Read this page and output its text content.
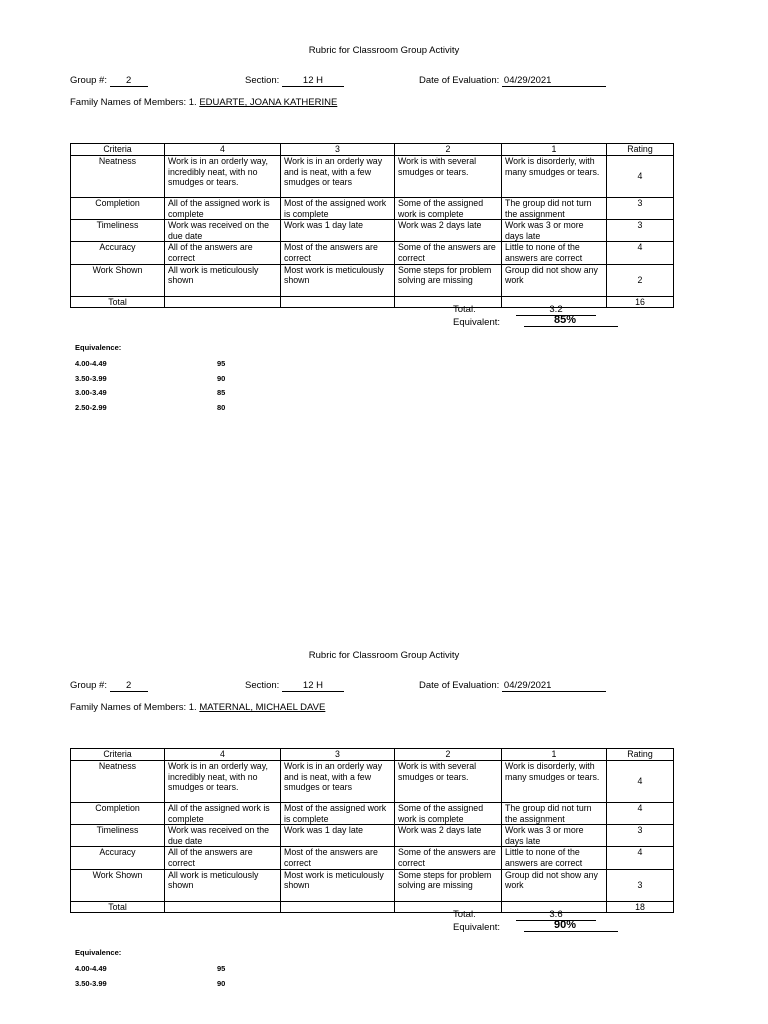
Rubric for Classroom Group Activity
Group #: 2	Section: 12 H	Date of Evaluation: 04/29/2021
Family Names of Members: 1. EDUARTE, JOANA KATHERINE
Criteria	4	3	2	1	Rating
Neatness	Work is in an orderly way, incredibly neat, with no smudges or tears.	Work is in an orderly way and is neat, with a few smudges or tears	Work is with several smudges or tears.	Work is disorderly, with many smudges or tears.	4
Completion	All of the assigned work is complete	Most of the assigned work is complete	Some of the assigned work is complete	The group did not turn the assignment	3
Timeliness	Work was received on the due date	Work was 1 day late	Work was 2 days late	Work was 3 or more days late	3
Accuracy	All of the answers are correct	Most of the answers are correct	Some of the answers are correct	Little to none of the answers are correct	4
Work Shown	All work is meticulously shown	Most work is meticulously shown	Some steps for problem solving are missing	Group did not show any work	2
Total					16
Total:	3.2
Equivalent:	85%
Equivalence:
4.00-4.49	95
3.50-3.99	90
3.00-3.49	85
2.50-2.99	80
Rubric for Classroom Group Activity
Group #: 2	Section: 12 H	Date of Evaluation: 04/29/2021
Family Names of Members: 1. MATERNAL, MICHAEL DAVE
Criteria	4	3	2	1	Rating
Neatness	Work is in an orderly way, incredibly neat, with no smudges or tears.	Work is in an orderly way and is neat, with a few smudges or tears	Work is with several smudges or tears.	Work is disorderly, with many smudges or tears.	4
Completion	All of the assigned work is complete	Most of the assigned work is complete	Some of the assigned work is complete	The group did not turn the assignment	4
Timeliness	Work was received on the due date	Work was 1 day late	Work was 2 days late	Work was 3 or more days late	3
Accuracy	All of the answers are correct	Most of the answers are correct	Some of the answers are correct	Little to none of the answers are correct	4
Work Shown	All work is meticulously shown	Most work is meticulously shown	Some steps for problem solving are missing	Group did not show any work	3
Total					18
Total:	3.6
Equivalent:	90%
Equivalence:
4.00-4.49	95
3.50-3.99	90
